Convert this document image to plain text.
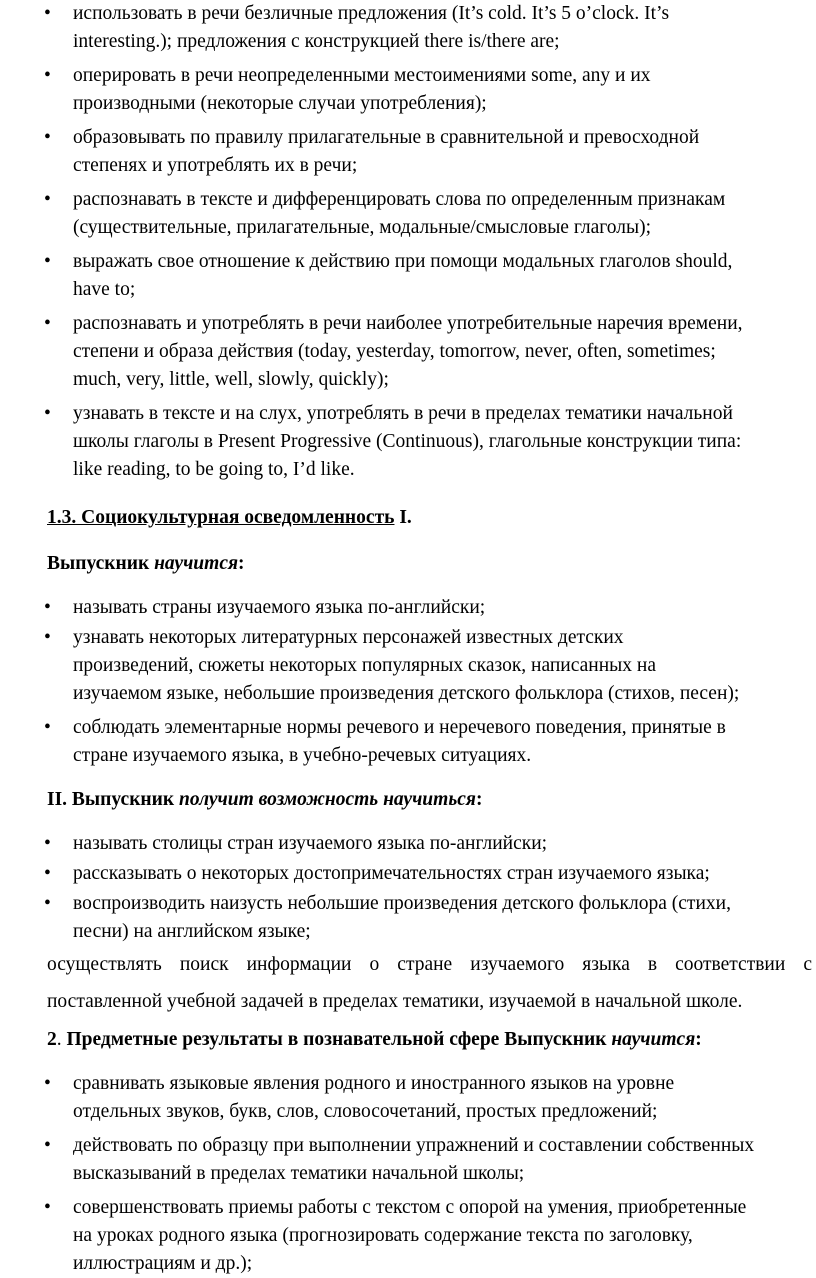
• использовать в речи безличные предложения (It’s cold. It’s 5 o’clock. It’s
interesting.); предложения с конструкцией there is/there are;
• оперировать в речи неопределенными местоимениями some, any и их
производными (некоторые случаи употребления);
• образовывать по правилу прилагательные в сравнительной и превосходной
степенях и употреблять их в речи;
• распознавать в тексте и дифференцировать слова по определенным признакам
(существительные, прилагательные, модальные/смысловые глаголы);
• выражать свое отношение к действию при помощи модальных глаголов should,
have to;
• распознавать и употреблять в речи наиболее употребительные наречия времени,
степени и образа действия (today, yesterday, tomorrow, never, often, sometimes;
much, very, little, well, slowly, quickly);
• узнавать в тексте и на слух, употреблять в речи в пределах тематики начальной
школы глаголы в Present Progressive (Continuous), глагольные конструкции типа:
like reading, to be going to, I’d like.
1.3. Социокультурная осведомленность I.
Выпускник научится:
• называть страны изучаемого языка по-английски;
• узнавать некоторых литературных персонажей известных детских
произведений, сюжеты некоторых популярных сказок, написанных на
изучаемом языке, небольшие произведения детского фольклора (стихов, песен);
• соблюдать элементарные нормы речевого и неречевого поведения, принятые в
стране изучаемого языка, в учебно-речевых ситуациях.
II. Выпускник получит возможность научиться:
• называть столицы стран изучаемого языка по-английски;
• рассказывать о некоторых достопримечательностях стран изучаемого языка;
• воспроизводить наизусть небольшие произведения детского фольклора (стихи,
песни) на английском языке;
осуществлять поиск информации о стране изучаемого языка в соответствии с
поставленной учебной задачей в пределах тематики, изучаемой в начальной школе.
2. Предметные результаты в познавательной сфере Выпускник научится:
• сравнивать языковые явления родного и иностранного языков на уровне
отдельных звуков, букв, слов, словосочетаний, простых предложений;
• действовать по образцу при выполнении упражнений и составлении собственных
высказываний в пределах тематики начальной школы;
• совершенствовать приемы работы с текстом с опорой на умения, приобретенные
на уроках родного языка (прогнозировать содержание текста по заголовку,
иллюстрациям и др.);
